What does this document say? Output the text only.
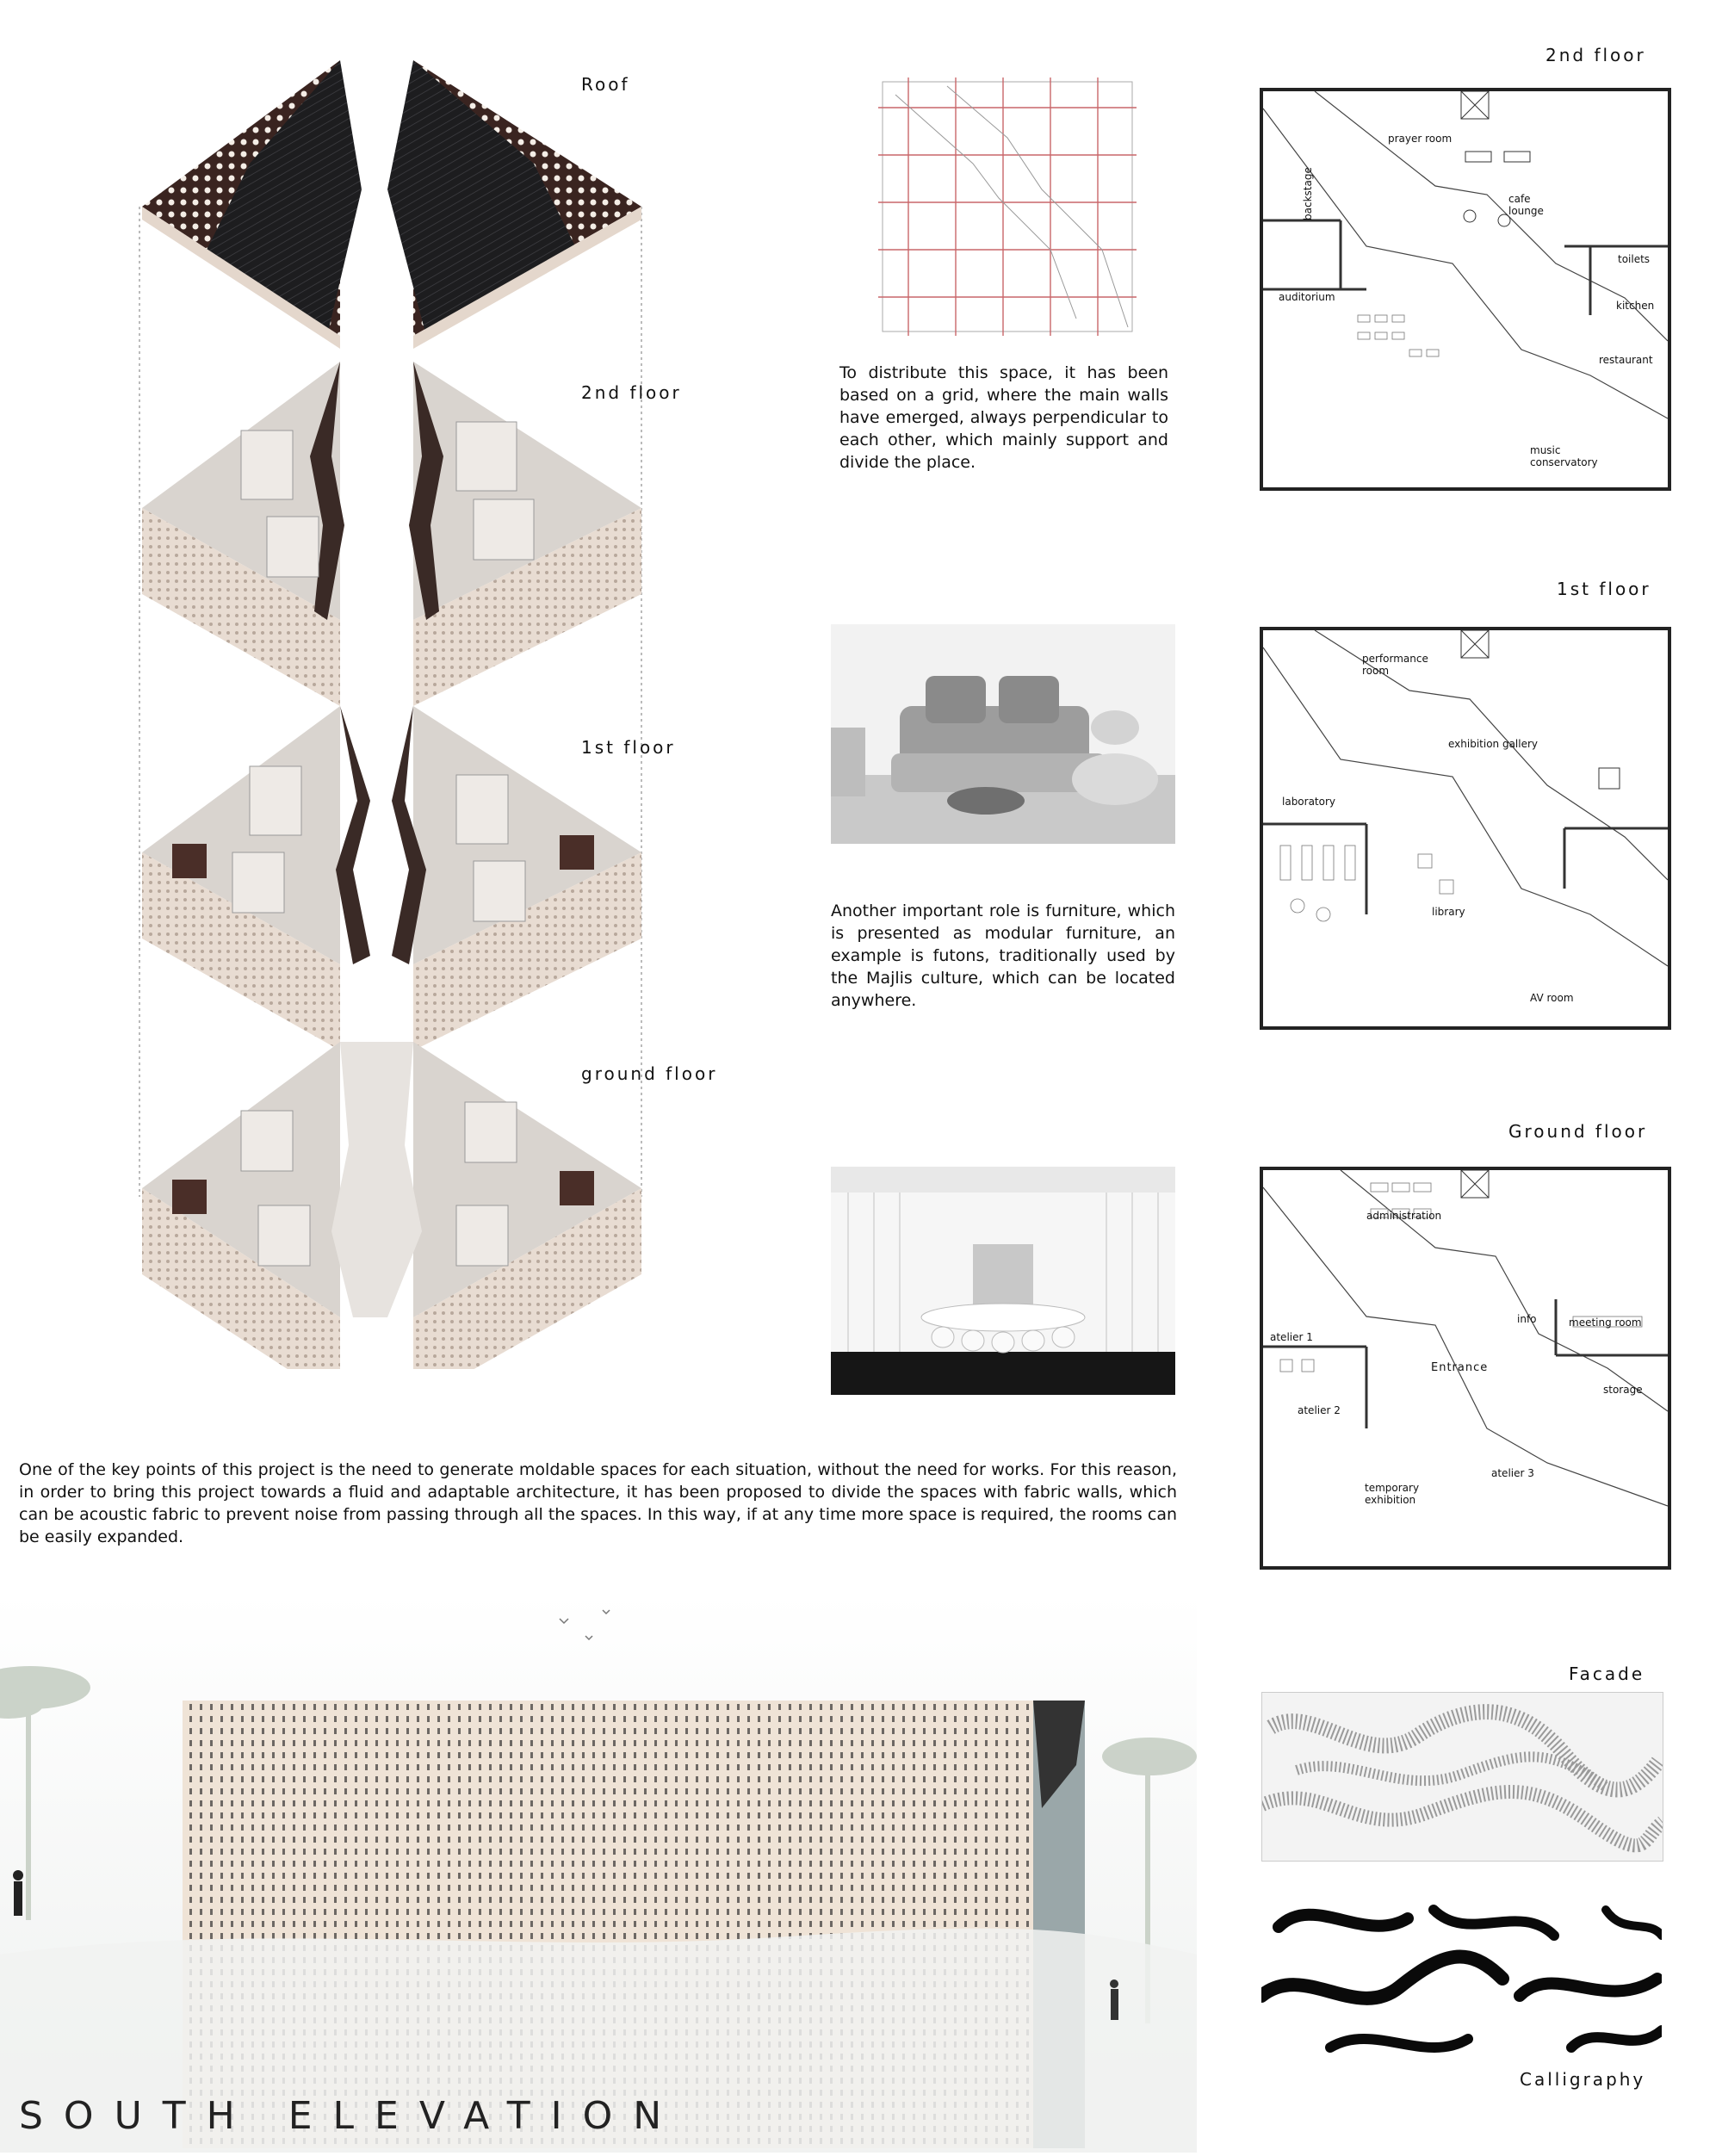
Roof
2nd floor
1st floor
ground floor
To distribute this space, it has been based on a grid, where the main walls have emerged, always perpendicular to each other, which mainly support and divide the place.
Another important role is furniture, which is presented as modular furniture, an example is futons, traditionally used by the Majlis culture, which can be located anywhere.
One of the key points of this project is the need to generate moldable spaces for each situation, without the need for works. For this reason, in order to bring this project towards a fluid and adaptable architecture, it has been proposed to divide the spaces with fabric walls, which can be acoustic fabric to prevent noise from passing through all the spaces. In this way, if at any time more space is required, the rooms can be easily expanded.
2nd floor
prayer room
cafe lounge
backstage
toilets
kitchen
auditorium
restaurant
music conservatory
1st floor
performance room
exhibition gallery
laboratory
library
AV room
Ground floor
administration
info	meeting room
atelier 1
Entrance
storage
atelier 2
atelier 3
temporary exhibition
Facade
Calligraphy
SOUTH ELEVATION
